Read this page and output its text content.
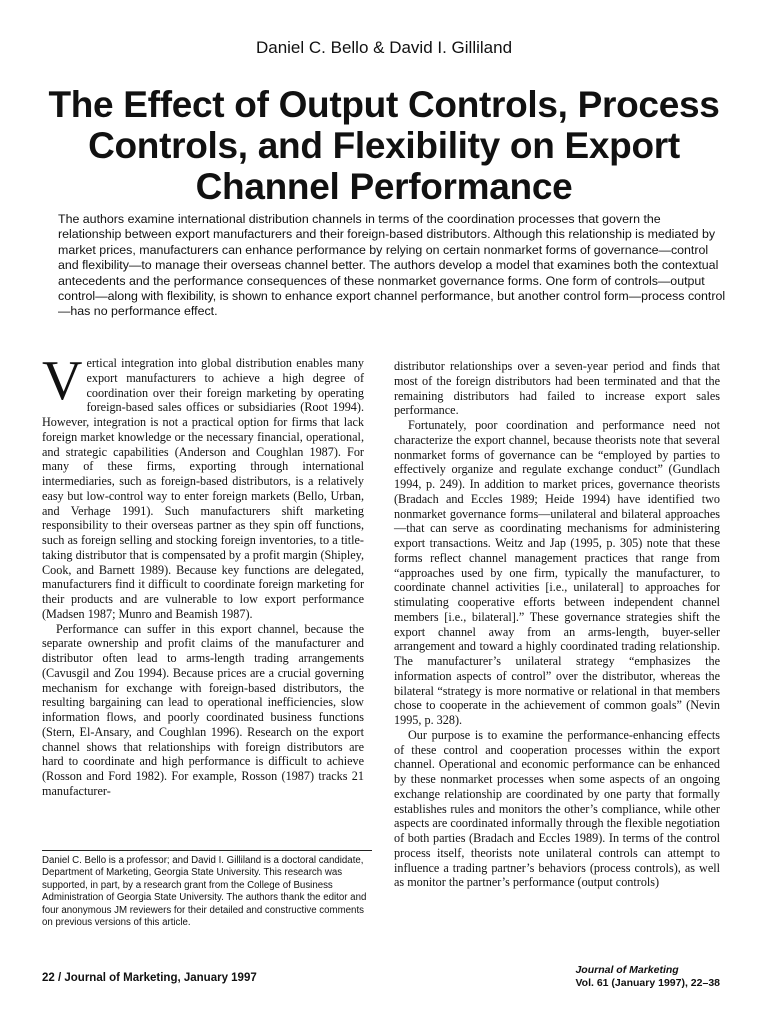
Daniel C. Bello & David I. Gilliland
The Effect of Output Controls, Process Controls, and Flexibility on Export Channel Performance

The authors examine international distribution channels in terms of the coordination processes that govern the relationship between export manufacturers and their foreign-based distributors. Although this relationship is mediated by market prices, manufacturers can enhance performance by relying on certain nonmarket forms of governance—control and flexibility—to manage their overseas channel better. The authors develop a model that examines both the contextual antecedents and the performance consequences of these nonmarket governance forms. One form of controls—output control—along with flexibility, is shown to enhance export channel performance, but another control form—process control—has no performance effect.

Vertical integration into global distribution enables many export manufacturers to achieve a high degree of coordination over their foreign marketing by operating foreign-based sales offices or subsidiaries (Root 1994). However, integration is not a practical option for firms that lack foreign market knowledge or the necessary financial, operational, and strategic capabilities (Anderson and Coughlan 1987). For many of these firms, exporting through international intermediaries, such as foreign-based distributors, is a relatively easy but low-control way to enter foreign markets (Bello, Urban, and Verhage 1991). Such manufacturers shift marketing responsibility to their overseas partner as they spin off functions, such as foreign selling and stocking foreign inventories, to a title-taking distributor that is compensated by a profit margin (Shipley, Cook, and Barnett 1989). Because key functions are delegated, manufacturers find it difficult to coordinate foreign marketing for their products and are vulnerable to low export performance (Madsen 1987; Munro and Beamish 1987).

Performance can suffer in this export channel, because the separate ownership and profit claims of the manufacturer and distributor often lead to arms-length trading arrangements (Cavusgil and Zou 1994). Because prices are a crucial governing mechanism for exchange with foreign-based distributors, the resulting bargaining can lead to operational inefficiencies, slow information flows, and poorly coordinated business functions (Stern, El-Ansary, and Coughlan 1996). Research on the export channel shows that relationships with foreign distributors are hard to coordinate and high performance is difficult to achieve (Rosson and Ford 1982). For example, Rosson (1987) tracks 21 manufacturer-

distributor relationships over a seven-year period and finds that most of the foreign distributors had been terminated and that the remaining distributors had failed to increase export sales performance.

Fortunately, poor coordination and performance need not characterize the export channel, because theorists note that several nonmarket forms of governance can be “employed by parties to effectively organize and regulate exchange conduct” (Gundlach 1994, p. 249). In addition to market prices, governance theorists (Bradach and Eccles 1989; Heide 1994) have identified two nonmarket governance forms—unilateral and bilateral approaches—that can serve as coordinating mechanisms for administering export transactions. Weitz and Jap (1995, p. 305) note that these forms reflect channel management practices that range from “approaches used by one firm, typically the manufacturer, to coordinate channel activities [i.e., unilateral] to approaches for stimulating cooperative efforts between independent channel members [i.e., bilateral].” These governance strategies shift the export channel away from an arms-length, buyer-seller arrangement and toward a highly coordinated trading relationship. The manufacturer’s unilateral strategy “emphasizes the information aspects of control” over the distributor, whereas the bilateral “strategy is more normative or relational in that members chose to cooperate in the achievement of common goals” (Nevin 1995, p. 328).

Our purpose is to examine the performance-enhancing effects of these control and cooperation processes within the export channel. Operational and economic performance can be enhanced by these nonmarket processes when some aspects of an ongoing exchange relationship are coordinated by one party that formally establishes rules and monitors the other’s compliance, while other aspects are coordinated informally through the flexible negotiation of both parties (Bradach and Eccles 1989). In terms of the control process itself, theorists note unilateral controls can attempt to influence a trading partner’s behaviors (process controls), as well as monitor the partner’s performance (output controls)

Daniel C. Bello is a professor; and David I. Gilliland is a doctoral candidate, Department of Marketing, Georgia State University. This research was supported, in part, by a research grant from the College of Business Administration of Georgia State University. The authors thank the editor and four anonymous JM reviewers for their detailed and constructive comments on previous versions of this article.

22 / Journal of Marketing, January 1997
Journal of Marketing
Vol. 61 (January 1997), 22–38
